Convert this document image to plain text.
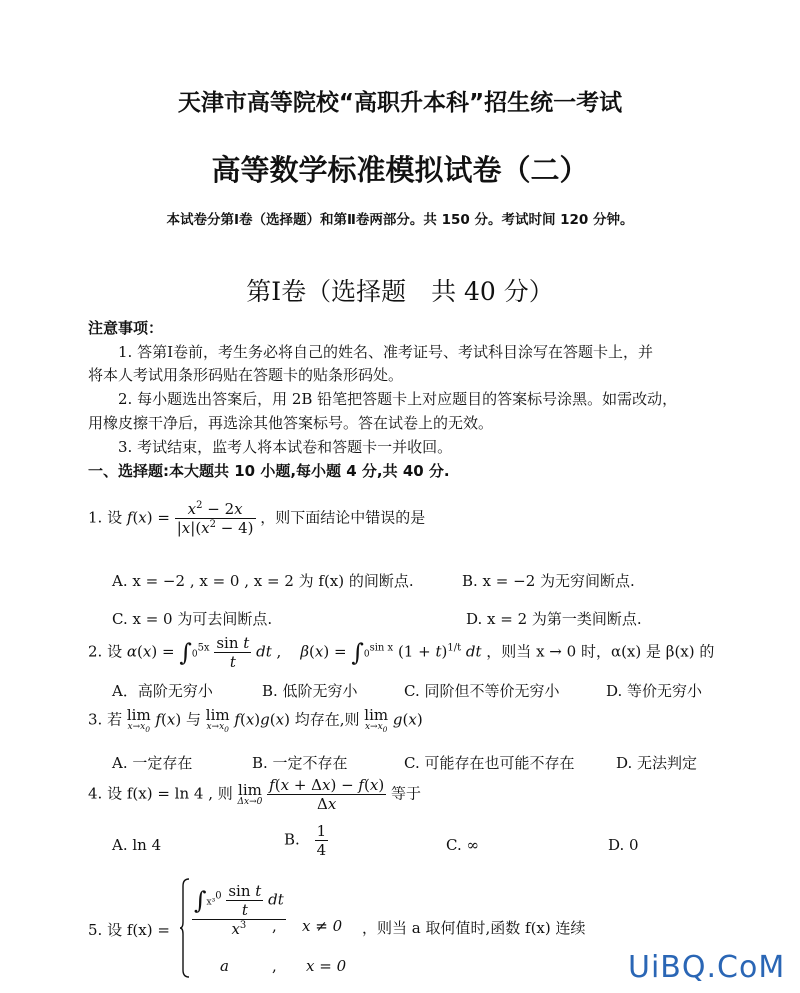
天津市高等院校“高职升本科”招生统一考试
高等数学标准模拟试卷（二）
本试卷分第Ⅰ卷（选择题）和第Ⅱ卷两部分。共 150 分。考试时间 120 分钟。
第Ⅰ卷（选择题　共 40 分）
注意事项：
1. 答第Ⅰ卷前，考生务必将自己的姓名、准考证号、考试科目涂写在答题卡上，并
将本人考试用条形码贴在答题卡的贴条形码处。
2. 每小题选出答案后，用 2B 铅笔把答题卡上对应题目的答案标号涂黑。如需改动，
用橡皮擦干净后，再选涂其他答案标号。答在试卷上的无效。
3. 考试结束，监考人将本试卷和答题卡一并收回。
一、选择题:本大题共 10 小题,每小题 4 分,共 40 分.
1. 设 $f(x) = \frac{x^2 - 2x}{|x|(x^2 - 4)}$ ，则下面结论中错误的是
A. x = −2 , x = 0 , x = 2 为 f(x) 的间断点.	B. x = −2 为无穷间断点.
C. x = 0 为可去间断点.	D. x = 2 为第一类间断点.
2. 设 $\alpha(x) = \int 0^{5x} \frac{\text{sin t}}{t}$ dt ,    $\beta(x) = \int 0^{sin x}$ $(1 + t)^{1/t}$ dt ，则当 x → 0 时，α(x) 是 β(x) 的
A．高阶无穷小	B. 低阶无穷小	C. 同阶但不等价无穷小	D. 等价无穷小
3. 若 lim
$x\to x_0$
f(x) 与 lim
$x\to x_0$
f(x)g(x) 均存在,则 lim
$x\to x_0$
g(x)
A. 一定存在	B. 一定不存在	C. 可能存在也可能不存在	D. 无法判定
4. 设 f(x) = ln 4 , 则 lim
Δx→0
$\frac{f(x + \Delta x) - f(x)}{\Delta x}$ 等于
A. ln 4	B. $\frac{1}{4}$	C. ∞	D. 0
5. 设 $f(x) = \frac{\int x^3^0 \frac{\text{sin t}}{t} dt}{x^3}$
, x ≠ 0
a	, x = 0
，则当 a 取何值时,函数 f(x) 连续
UiBQ.CoM
